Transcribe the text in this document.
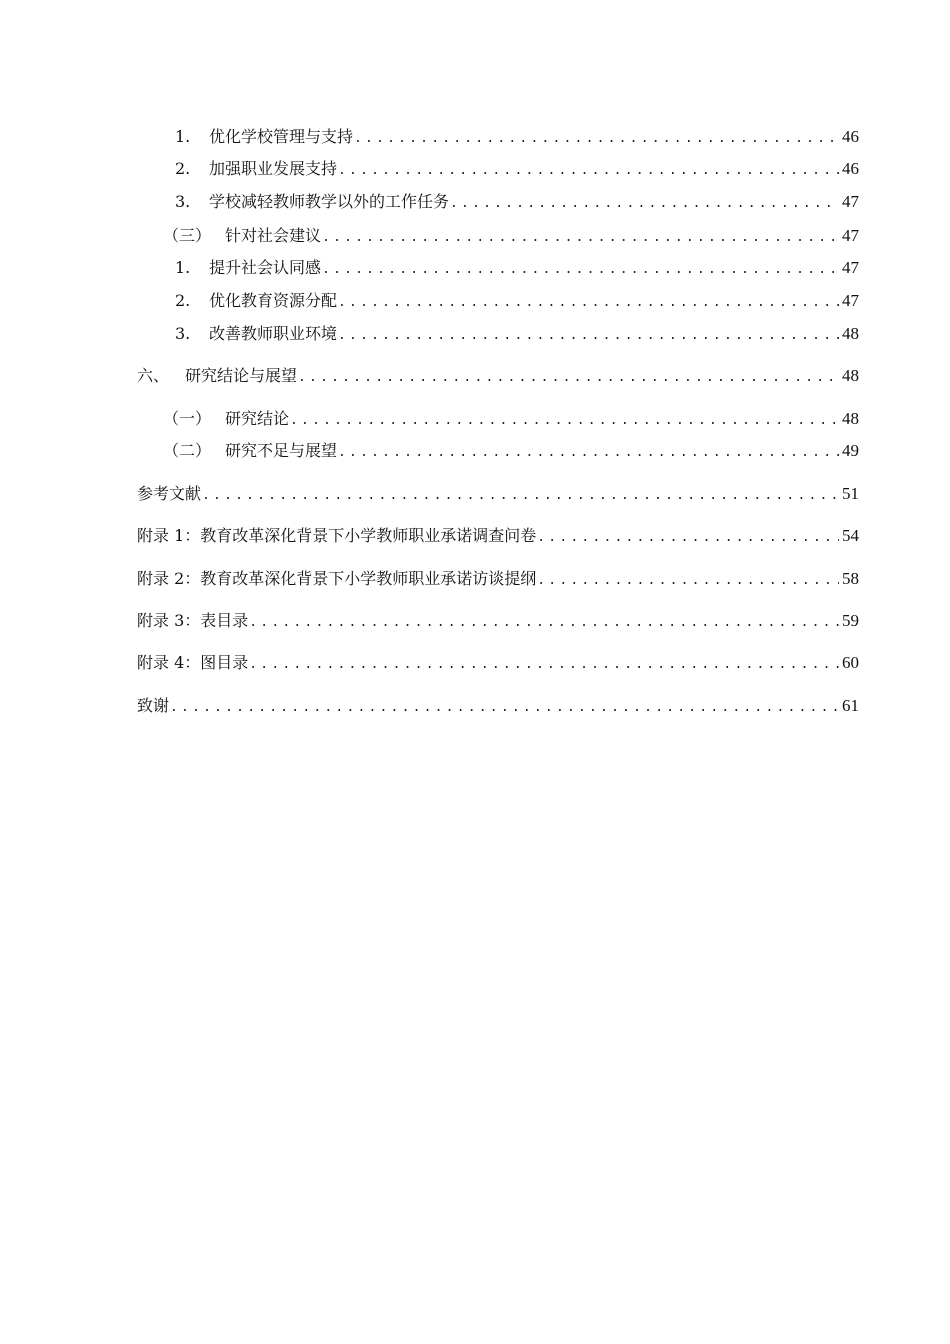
1.	优化学校管理与支持 .....	46
2.	加强职业发展支持 .....	46
3.	学校减轻教师教学以外的工作任务 .....	47
（三） 针对社会建议 .....	47
1.	提升社会认同感 .....	47
2.	优化教育资源分配 .....	47
3.	改善教师职业环境 .....	48
六、 研究结论与展望 .....	48
（一） 研究结论 .....	48
（二） 研究不足与展望 .....	49
参考文献 .....	51
附录 1：教育改革深化背景下小学教师职业承诺调查问卷 .....	54
附录 2：教育改革深化背景下小学教师职业承诺访谈提纲 .....	58
附录 3：表目录 .....	59
附录 4：图目录 .....	60
致谢 .....	61
